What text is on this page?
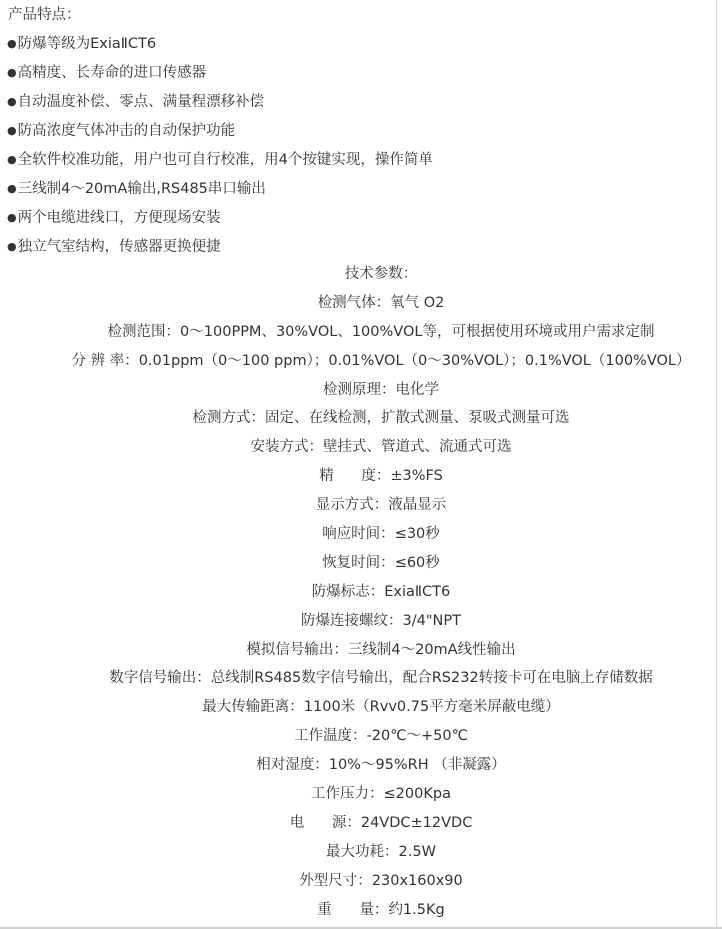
产品特点：
●防爆等级为ExiaⅡCT6
●高精度、长寿命的进口传感器
●自动温度补偿、零点、满量程漂移补偿
●防高浓度气体冲击的自动保护功能
●全软件校准功能，用户也可自行校准，用4个按键实现，操作简单
●三线制4～20mA输出,RS485串口输出
●两个电缆进线口，方便现场安装
●独立气室结构，传感器更换便捷
技术参数：
检测气体：氧气 O2
检测范围：0～100PPM、30%VOL、100%VOL等，可根据使用环境或用户需求定制
分 辨 率：0.01ppm（0～100 ppm）；0.01%VOL（0～30%VOL）；0.1%VOL（100%VOL）
检测原理：电化学
检测方式：固定、在线检测，扩散式测量、泵吸式测量可选
安装方式：壁挂式、管道式、流通式可选
精      度：±3%FS
显示方式：液晶显示
响应时间：≤30秒
恢复时间：≤60秒
防爆标志：ExiaⅡCT6
防爆连接螺纹：3/4"NPT
模拟信号输出：三线制4～20mA线性输出
数字信号输出：总线制RS485数字信号输出，配合RS232转接卡可在电脑上存储数据
最大传输距离：1100米（Rvv0.75平方毫米屏蔽电缆）
工作温度：-20℃～+50℃
相对湿度：10%～95%RH （非凝露）
工作压力：≤200Kpa
电      源：24VDC±12VDC
最大功耗：2.5W
外型尺寸：230x160x90
重      量：约1.5Kg
